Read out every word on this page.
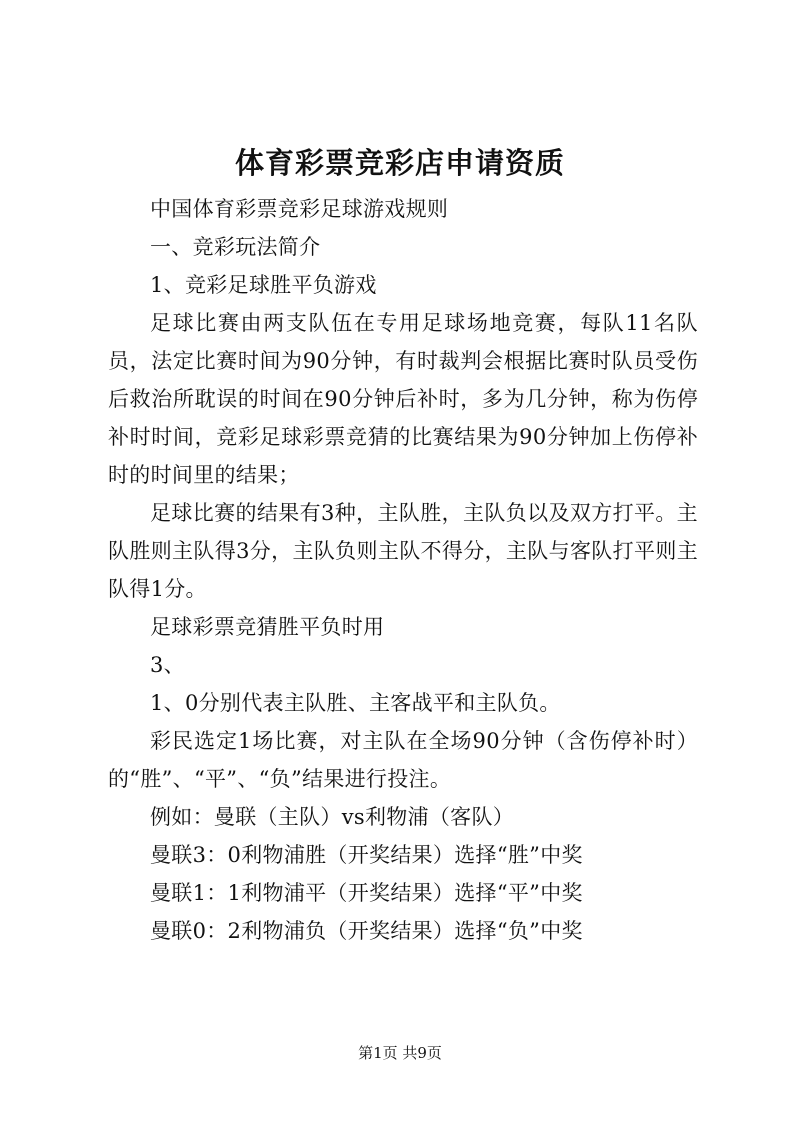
体育彩票竞彩店申请资质

中国体育彩票竞彩足球游戏规则

一、竞彩玩法简介

1、竞彩足球胜平负游戏

足球比赛由两支队伍在专用足球场地竞赛，每队11名队员，法定比赛时间为90分钟，有时裁判会根据比赛时队员受伤后救治所耽误的时间在90分钟后补时，多为几分钟，称为伤停补时时间，竞彩足球彩票竞猜的比赛结果为90分钟加上伤停补时的时间里的结果；

足球比赛的结果有3种，主队胜，主队负以及双方打平。主队胜则主队得3分，主队负则主队不得分，主队与客队打平则主队得1分。

足球彩票竞猜胜平负时用

3、

1、0分别代表主队胜、主客战平和主队负。

彩民选定1场比赛，对主队在全场90分钟（含伤停补时）的“胜”、“平”、“负”结果进行投注。

例如：曼联（主队）vs利物浦（客队）

曼联3：0利物浦胜（开奖结果）选择“胜”中奖

曼联1：1利物浦平（开奖结果）选择“平”中奖

曼联0：2利物浦负（开奖结果）选择“负”中奖

第1页 共9页
